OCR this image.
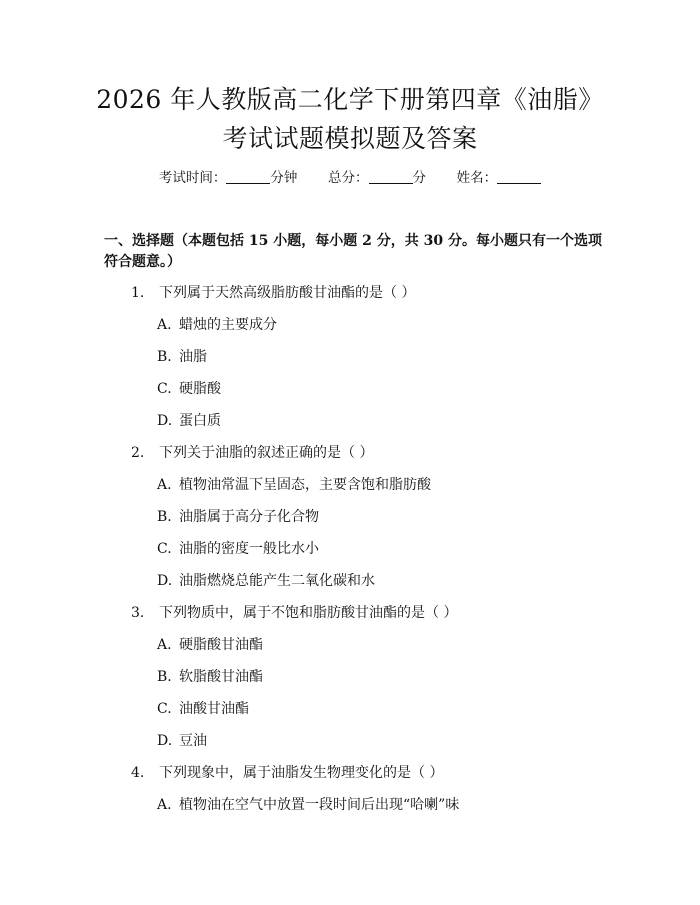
2026 年人教版高二化学下册第四章《油脂》
考试试题模拟题及答案
考试时间：	分钟 总分：	分 姓名：
一、选择题（本题包括 15 小题，每小题 2 分，共 30 分。每小题只有一个选项符合题意。）
1. 下列属于天然高级脂肪酸甘油酯的是（ ）
A. 蜡烛的主要成分
B. 油脂
C. 硬脂酸
D. 蛋白质
2. 下列关于油脂的叙述正确的是（ ）
A. 植物油常温下呈固态，主要含饱和脂肪酸
B. 油脂属于高分子化合物
C. 油脂的密度一般比水小
D. 油脂燃烧总能产生二氧化碳和水
3. 下列物质中，属于不饱和脂肪酸甘油酯的是（ ）
A. 硬脂酸甘油酯
B. 软脂酸甘油酯
C. 油酸甘油酯
D. 豆油
4. 下列现象中，属于油脂发生物理变化的是（ ）
A. 植物油在空气中放置一段时间后出现“哈喇”味
